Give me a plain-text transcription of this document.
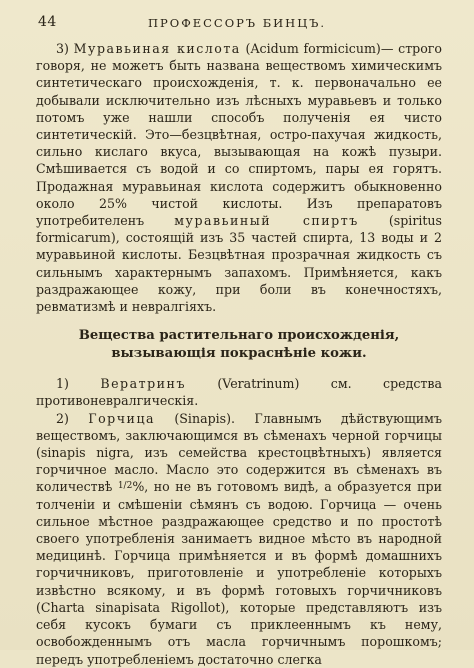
44	ПРОФЕССОРЪ БИНЦЪ.

3) Муравьиная кислота (Acidum formicicum)— строго говоря, не можетъ быть названа веществомъ химическимъ синтетическаго происхожденія, т. к. первоначально ее добывали исключительно изъ лѣсныхъ муравьевъ и только потомъ уже нашли способъ полученія ея чисто синтетическій. Это—безцвѣтная, остро-пахучая жидкость, сильно кислаго вкуса, вызывающая на кожѣ пузыри. Смѣшивается съ водой и со спиртомъ, пары ея горятъ. Продажная муравьиная кислота содержитъ обыкновенно около 25% чистой кислоты. Изъ препаратовъ употребителенъ муравьиный спиртъ (spiritus formicarum), состоящій изъ 35 частей спирта, 13 воды и 2 муравьиной кислоты. Безцвѣтная прозрачная жидкость съ сильнымъ характернымъ запахомъ. Примѣняется, какъ раздражающее кожу, при боли въ конечностяхъ, ревматизмѣ и невралгіяхъ.

Вещества растительнаго происхожденія, вызывающія покраснѣніе кожи.

1) Вератринъ (Veratrinum) см. средства противоневралгическія.

2) Горчица (Sinapis). Главнымъ дѣйствующимъ веществомъ, заключающимся въ сѣменахъ черной горчицы (sinapis nigra, изъ семейства крестоцвѣтныхъ) является горчичное масло. Масло это содержится въ сѣменахъ въ количествѣ $^{1/2}$%, но не въ готовомъ видѣ, а образуется при толченіи и смѣшеніи сѣмянъ съ водою. Горчица — очень сильное мѣстное раздражающее средство и по простотѣ своего употребленія занимаетъ видное мѣсто въ народной медицинѣ. Горчица примѣняется и въ формѣ домашнихъ горчичниковъ, приготовленіе и употребленіе которыхъ извѣстно всякому, и въ формѣ готовыхъ горчичниковъ (Charta sinapisata Rigollot), которые представляютъ изъ себя кусокъ бумаги съ приклееннымъ къ нему, освобожденнымъ отъ масла горчичнымъ порошкомъ; передъ употребленіемъ достаточно слегка
